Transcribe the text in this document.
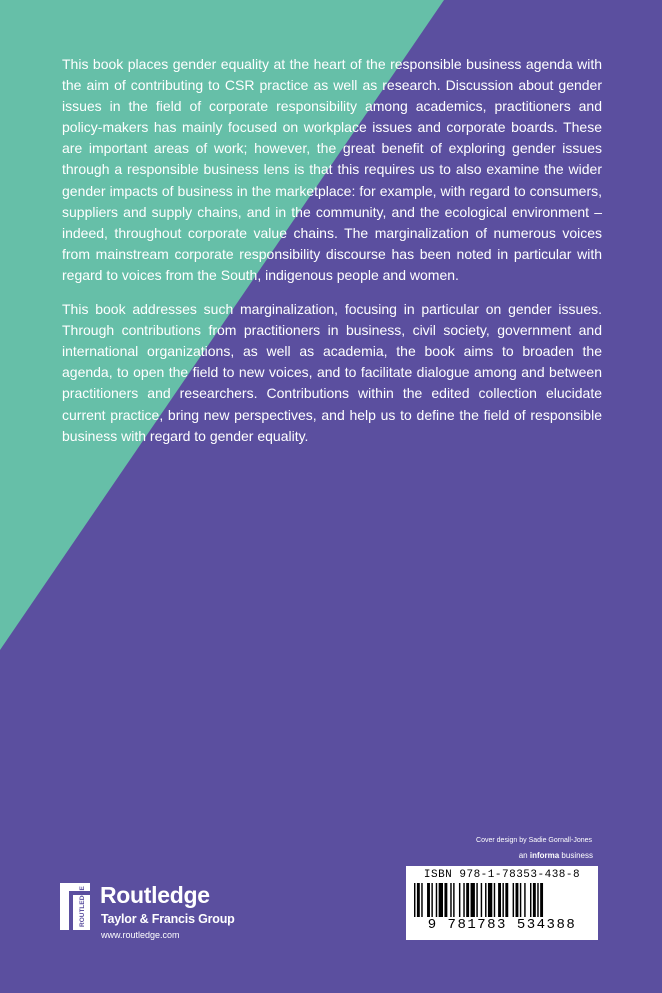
This book places gender equality at the heart of the responsible business agenda with the aim of contributing to CSR practice as well as research. Discussion about gender issues in the field of corporate responsibility among academics, practitioners and policy-makers has mainly focused on workplace issues and corporate boards. These are important areas of work; however, the great benefit of exploring gender issues through a responsible business lens is that this requires us to also examine the wider gender impacts of business in the marketplace: for example, with regard to consumers, suppliers and supply chains, and in the community, and the ecological environment – indeed, throughout corporate value chains. The marginalization of numerous voices from mainstream corporate responsibility discourse has been noted in particular with regard to voices from the South, indigenous people and women.

This book addresses such marginalization, focusing in particular on gender issues. Through contributions from practitioners in business, civil society, government and international organizations, as well as academia, the book aims to broaden the agenda, to open the field to new voices, and to facilitate dialogue among and between practitioners and researchers. Contributions within the edited collection elucidate current practice, bring new perspectives, and help us to define the field of responsible business with regard to gender equality.

Cover design by Sadie Gornall-Jones
an informa business
ISBN 978-1-78353-438-8
9 781783 534388
ROUTLEDGE Routledge
Taylor & Francis Group
www.routledge.com
